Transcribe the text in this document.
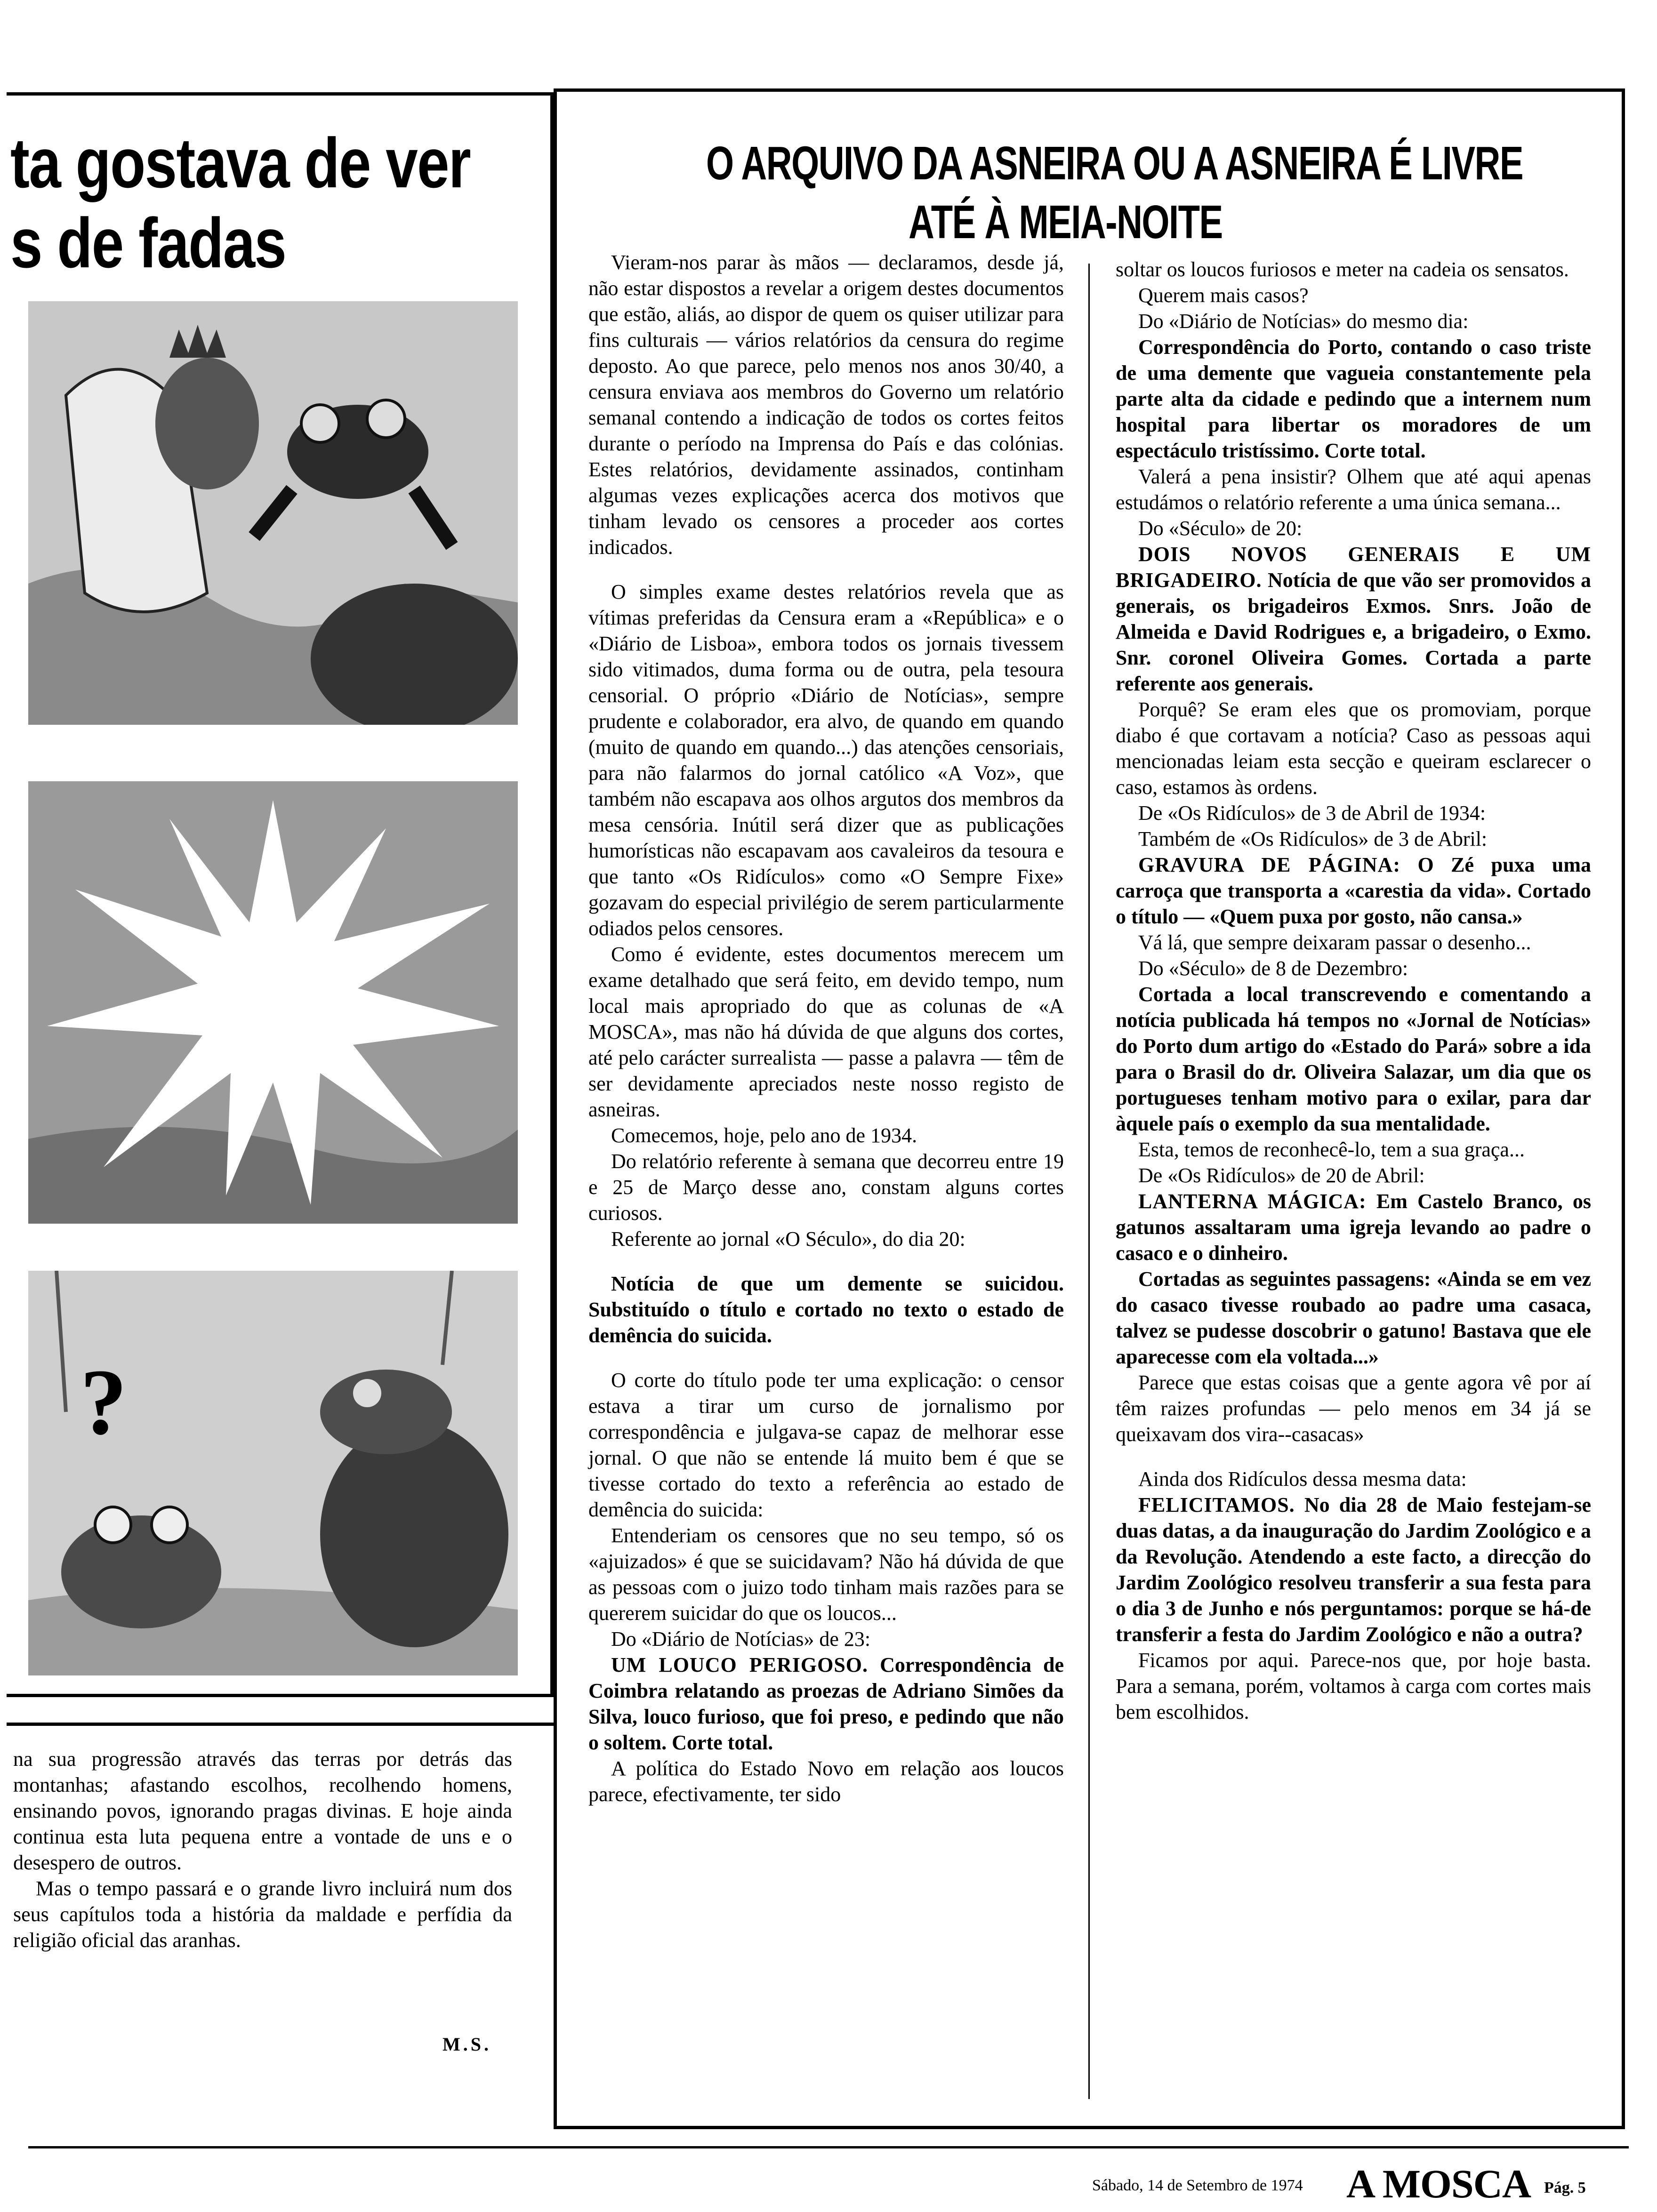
ta gostava de ver
s de fadas
?

na sua progressão através das terras por detrás das montanhas; afastando escolhos, recolhendo homens, ensinando povos, ignorando pragas divinas. E hoje ainda continua esta luta pequena entre a vontade de uns e o desespero de outros.

Mas o tempo passará e o grande livro incluirá num dos seus capítulos toda a história da maldade e perfídia da religião oficial das aranhas.

M.S.
O ARQUIVO DA ASNEIRA OU A ASNEIRA É LIVRE
ATÉ À MEIA-NOITE

Vieram-nos parar às mãos — declaramos, desde já, não estar dispostos a revelar a origem destes documentos que estão, aliás, ao dispor de quem os quiser utilizar para fins culturais — vários relatórios da censura do regime deposto. Ao que parece, pelo menos nos anos 30/40, a censura enviava aos membros do Governo um relatório semanal contendo a indicação de todos os cortes feitos durante o período na Imprensa do País e das colónias. Estes relatórios, devidamente assinados, continham algumas vezes explicações acerca dos motivos que tinham levado os censores a proceder aos cortes indicados.

O simples exame destes relatórios revela que as vítimas preferidas da Censura eram a «República» e o «Diário de Lisboa», embora todos os jornais tivessem sido vitimados, duma forma ou de outra, pela tesoura censorial. O próprio «Diário de Notícias», sempre prudente e colaborador, era alvo, de quando em quando (muito de quando em quando...) das atenções censoriais, para não falarmos do jornal católico «A Voz», que também não escapava aos olhos argutos dos membros da mesa censória. Inútil será dizer que as publicações humorísticas não escapavam aos cavaleiros da tesoura e que tanto «Os Ridículos» como «O Sempre Fixe» gozavam do especial privilégio de serem particularmente odiados pelos censores.

Como é evidente, estes documentos merecem um exame detalhado que será feito, em devido tempo, num local mais apropriado do que as colunas de «A MOSCA», mas não há dúvida de que alguns dos cortes, até pelo carácter surrealista — passe a palavra — têm de ser devidamente apreciados neste nosso registo de asneiras.

Comecemos, hoje, pelo ano de 1934.

Do relatório referente à semana que decorreu entre 19 e 25 de Março desse ano, constam alguns cortes curiosos.

Referente ao jornal «O Século», do dia 20:

Notícia de que um demente se suicidou. Substituído o título e cortado no texto o estado de demência do suicida.

O corte do título pode ter uma explicação: o censor estava a tirar um curso de jornalismo por correspondência e julgava-se capaz de melhorar esse jornal. O que não se entende lá muito bem é que se tivesse cortado do texto a referência ao estado de demência do suicida:

Entenderiam os censores que no seu tempo, só os «ajuizados» é que se suicidavam? Não há dúvida de que as pessoas com o juizo todo tinham mais razões para se quererem suicidar do que os loucos...

Do «Diário de Notícias» de 23:

UM LOUCO PERIGOSO. Correspondência de Coimbra relatando as proezas de Adriano Simões da Silva, louco furioso, que foi preso, e pedindo que não o soltem. Corte total.

A política do Estado Novo em relação aos loucos parece, efectivamente, ter sido

soltar os loucos furiosos e meter na cadeia os sensatos.

Querem mais casos?

Do «Diário de Notícias» do mesmo dia:

Correspondência do Porto, contando o caso triste de uma demente que vagueia constantemente pela parte alta da cidade e pedindo que a internem num hospital para libertar os moradores de um espectáculo tristíssimo. Corte total.

Valerá a pena insistir? Olhem que até aqui apenas estudámos o relatório referente a uma única semana...

Do «Século» de 20:

DOIS NOVOS GENERAIS E UM BRIGADEIRO. Notícia de que vão ser promovidos a generais, os brigadeiros Exmos. Snrs. João de Almeida e David Rodrigues e, a brigadeiro, o Exmo. Snr. coronel Oliveira Gomes. Cortada a parte referente aos generais.

Porquê? Se eram eles que os promoviam, porque diabo é que cortavam a notícia? Caso as pessoas aqui mencionadas leiam esta secção e queiram esclarecer o caso, estamos às ordens.

De «Os Ridículos» de 3 de Abril de 1934:

Também de «Os Ridículos» de 3 de Abril:

GRAVURA DE PÁGINA: O Zé puxa uma carroça que transporta a «carestia da vida». Cortado o título — «Quem puxa por gosto, não cansa.»

Vá lá, que sempre deixaram passar o desenho...

Do «Século» de 8 de Dezembro:

Cortada a local transcrevendo e comentando a notícia publicada há tempos no «Jornal de Notícias» do Porto dum artigo do «Estado do Pará» sobre a ida para o Brasil do dr. Oliveira Salazar, um dia que os portugueses tenham motivo para o exilar, para dar àquele país o exemplo da sua mentalidade.

Esta, temos de reconhecê-lo, tem a sua graça...

De «Os Ridículos» de 20 de Abril:

LANTERNA MÁGICA: Em Castelo Branco, os gatunos assaltaram uma igreja levando ao padre o casaco e o dinheiro.

Cortadas as seguintes passagens: «Ainda se em vez do casaco tivesse roubado ao padre uma casaca, talvez se pudesse doscobrir o gatuno! Bastava que ele aparecesse com ela voltada...»

Parece que estas coisas que a gente agora vê por aí têm raizes profundas — pelo menos em 34 já se queixavam dos vira--casacas»

Ainda dos Ridículos dessa mesma data:

FELICITAMOS. No dia 28 de Maio festejam-se duas datas, a da inauguração do Jardim Zoológico e a da Revolução. Atendendo a este facto, a direcção do Jardim Zoológico resolveu transferir a sua festa para o dia 3 de Junho e nós perguntamos: porque se há-de transferir a festa do Jardim Zoológico e não a outra?

Ficamos por aqui. Parece-nos que, por hoje basta. Para a semana, porém, voltamos à carga com cortes mais bem escolhidos.

Sábado, 14 de Setembro de 1974 A MOSCA Pág. 5
